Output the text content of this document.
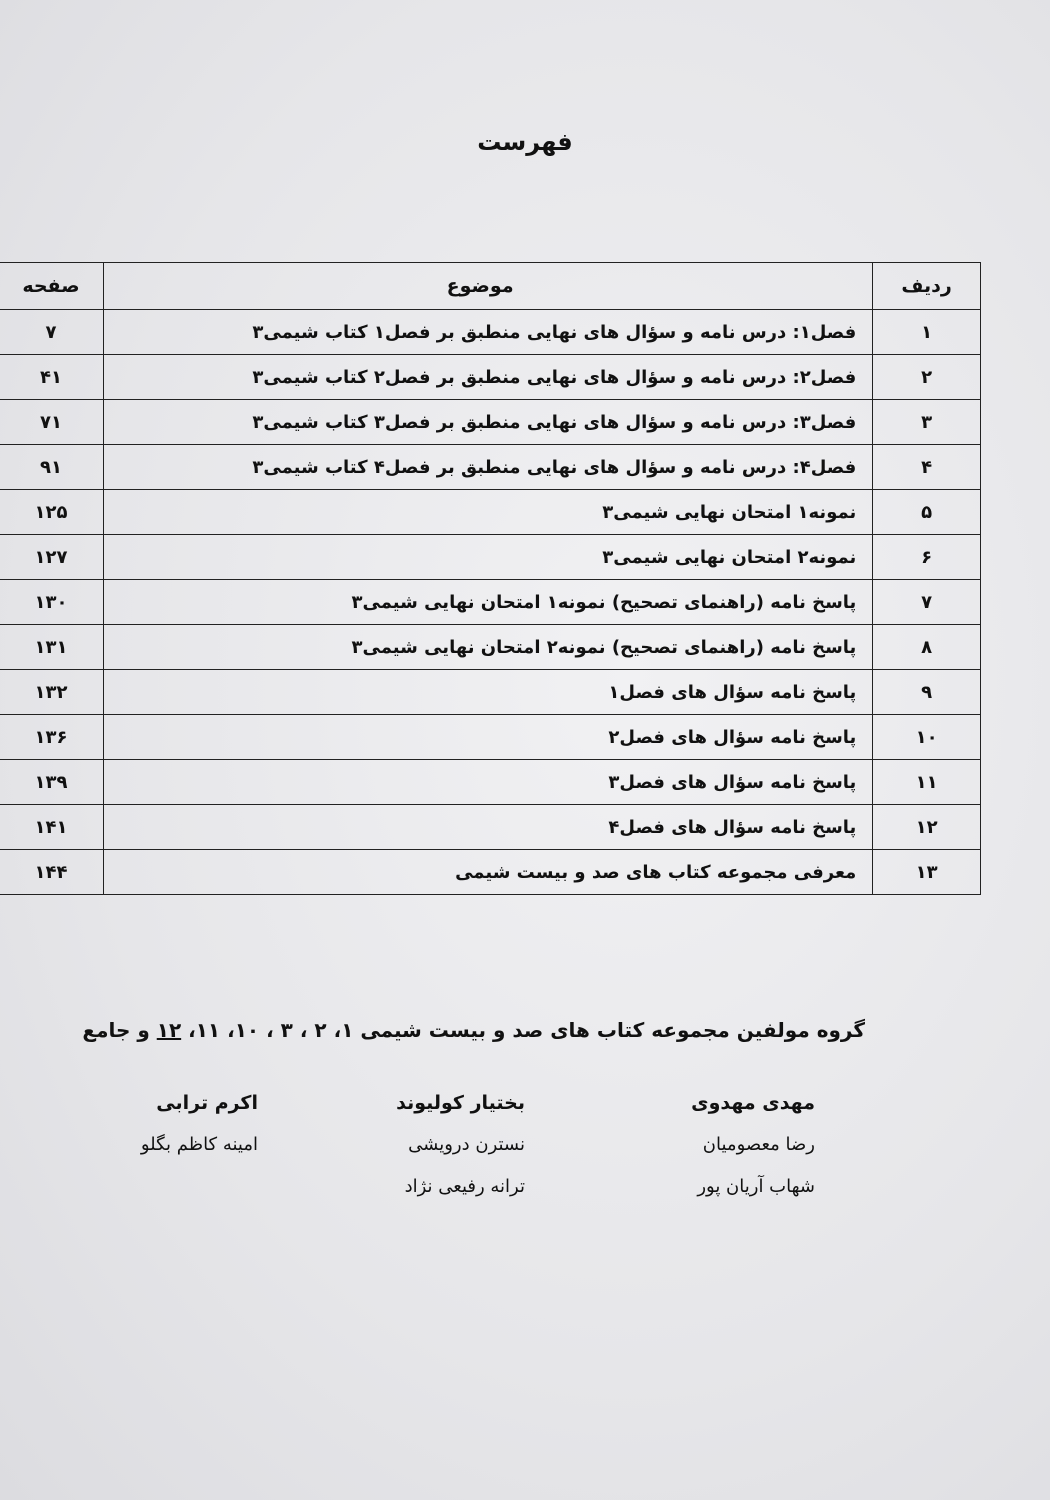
فهرست
ردیف	موضوع	صفحه
۱	فصل۱: درس نامه و سؤال های نهایی منطبق بر فصل۱ کتاب شیمی۳	۷
۲	فصل۲: درس نامه و سؤال های نهایی منطبق بر فصل۲ کتاب شیمی۳	۴۱
۳	فصل۳: درس نامه و سؤال های نهایی منطبق بر فصل۳ کتاب شیمی۳	۷۱
۴	فصل۴: درس نامه و سؤال های نهایی منطبق بر فصل۴ کتاب شیمی۳	۹۱
۵	نمونه۱ امتحان نهایی شیمی۳	۱۲۵
۶	نمونه۲ امتحان نهایی شیمی۳	۱۲۷
۷	پاسخ نامه (راهنمای تصحیح) نمونه۱ امتحان نهایی شیمی۳	۱۳۰
۸	پاسخ نامه (راهنمای تصحیح) نمونه۲ امتحان نهایی شیمی۳	۱۳۱
۹	پاسخ نامه سؤال های فصل۱	۱۳۲
۱۰	پاسخ نامه سؤال های فصل۲	۱۳۶
۱۱	پاسخ نامه سؤال های فصل۳	۱۳۹
۱۲	پاسخ نامه سؤال های فصل۴	۱۴۱
۱۳	معرفی مجموعه کتاب های صد و بیست شیمی	۱۴۴
گروه مولفین مجموعه کتاب های صد و بیست شیمی ۱، ۲ ، ۳ ، ۱۰، ۱۱، ۱۲ و جامع
مهدی مهدوی
رضا معصومیان
شهاب آریان پور
بختیار کولیوند
نسترن درویشی
ترانه رفیعی نژاد
اکرم ترابی
امینه کاظم بگلو
